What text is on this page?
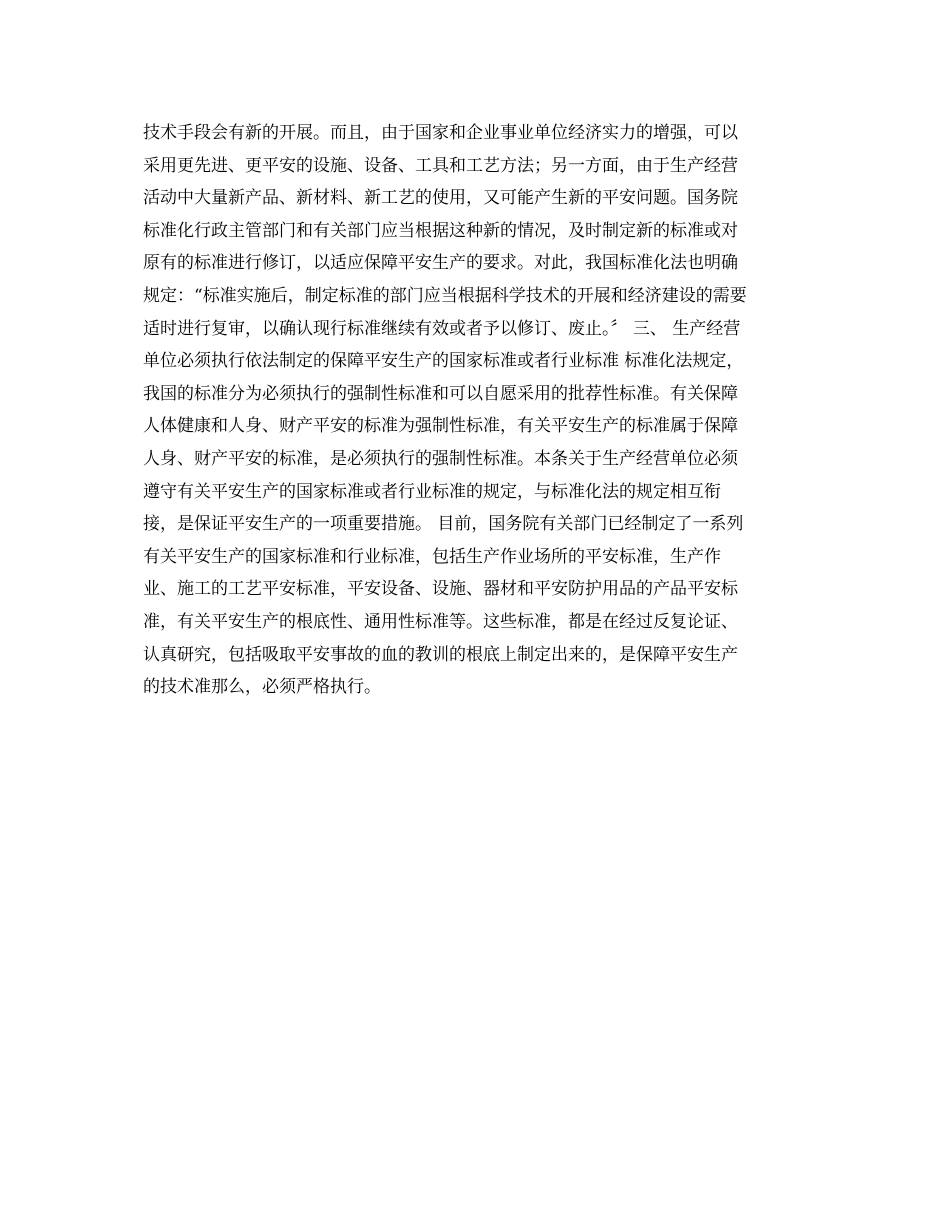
技术手段会有新的开展。而且，由于国家和企业事业单位经济实力的增强，可以
采用更先进、更平安的设施、设备、工具和工艺方法；另一方面，由于生产经营
活动中大量新产品、新材料、新工艺的使用，又可能产生新的平安问题。国务院
标准化行政主管部门和有关部门应当根据这种新的情况，及时制定新的标准或对
原有的标准进行修订，以适应保障平安生产的要求。对此，我国标准化法也明确
规定：“标准实施后，制定标准的部门应当根据科学技术的开展和经济建设的需要
适时进行复审，以确认现行标准继续有效或者予以修订、废止。〞 三、 生产经营
单位必须执行依法制定的保障平安生产的国家标准或者行业标准 标准化法规定，
我国的标准分为必须执行的强制性标准和可以自愿采用的批荐性标准。有关保障
人体健康和人身、财产平安的标准为强制性标准，有关平安生产的标准属于保障
人身、财产平安的标准，是必须执行的强制性标准。本条关于生产经营单位必须
遵守有关平安生产的国家标准或者行业标准的规定，与标准化法的规定相互衔
接，是保证平安生产的一项重要措施。 目前，国务院有关部门已经制定了一系列
有关平安生产的国家标准和行业标准，包括生产作业场所的平安标准，生产作
业、施工的工艺平安标准，平安设备、设施、器材和平安防护用品的产品平安标
准，有关平安生产的根底性、通用性标准等。这些标准，都是在经过反复论证、
认真研究，包括吸取平安事故的血的教训的根底上制定出来的，是保障平安生产
的技术准那么，必须严格执行。
